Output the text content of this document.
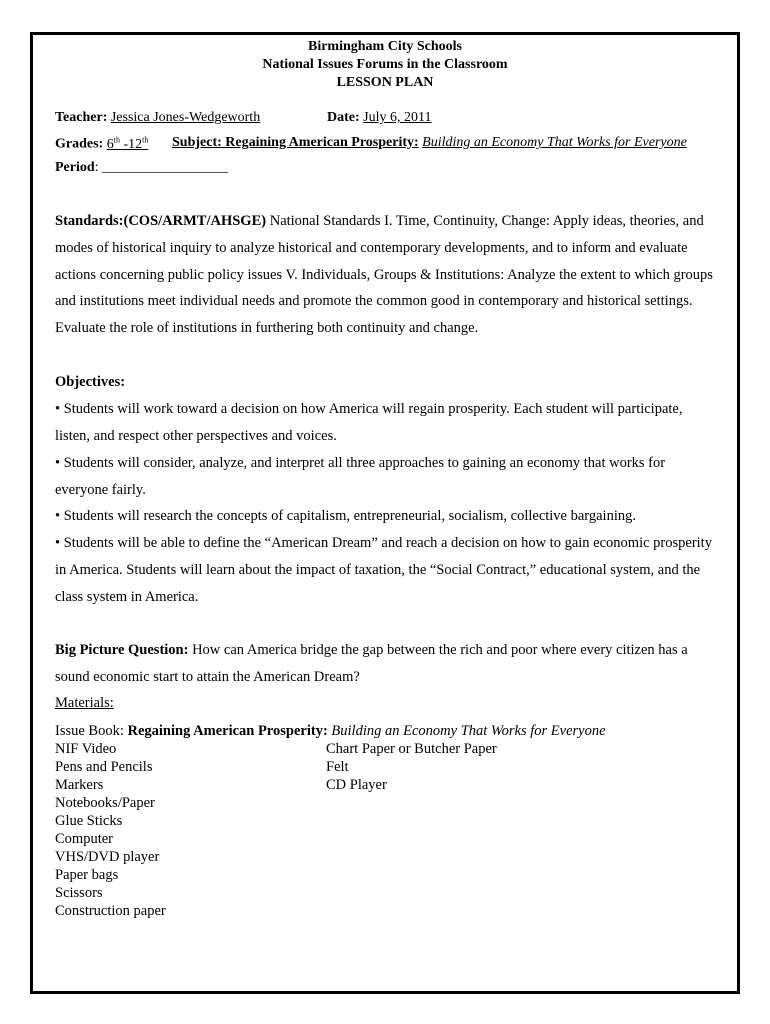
Birmingham City Schools
National Issues Forums in the Classroom
LESSON PLAN
Teacher: Jessica Jones-Wedgeworth	Date: July 6, 2011
Grades: 6th -12th Subject: Regaining American Prosperity: Building an Economy That Works for Everyone
Period: __________________

Standards:(COS/ARMT/AHSGE) National Standards I. Time, Continuity, Change: Apply ideas, theories, and modes of historical inquiry to analyze historical and contemporary developments, and to inform and evaluate actions concerning public policy issues V. Individuals, Groups & Institutions: Analyze the extent to which groups and institutions meet individual needs and promote the common good in contemporary and historical settings. Evaluate the role of institutions in furthering both continuity and change.

Objectives:

• Students will work toward a decision on how America will regain prosperity. Each student will participate, listen, and respect other perspectives and voices.

• Students will consider, analyze, and interpret all three approaches to gaining an economy that works for everyone fairly.

• Students will research the concepts of capitalism, entrepreneurial, socialism, collective bargaining.

• Students will be able to define the “American Dream” and reach a decision on how to gain economic prosperity in America. Students will learn about the impact of taxation, the “Social Contract,” educational system, and the class system in America.

Big Picture Question: How can America bridge the gap between the rich and poor where every citizen has a sound economic start to attain the American Dream?

Materials:

Issue Book: Regaining American Prosperity: Building an Economy That Works for Everyone
NIF Video
Pens and Pencils
Markers
Notebooks/Paper
Glue Sticks
Computer
VHS/DVD player
Paper bags
Scissors
Construction paper
Chart Paper or Butcher Paper
Felt
CD Player
